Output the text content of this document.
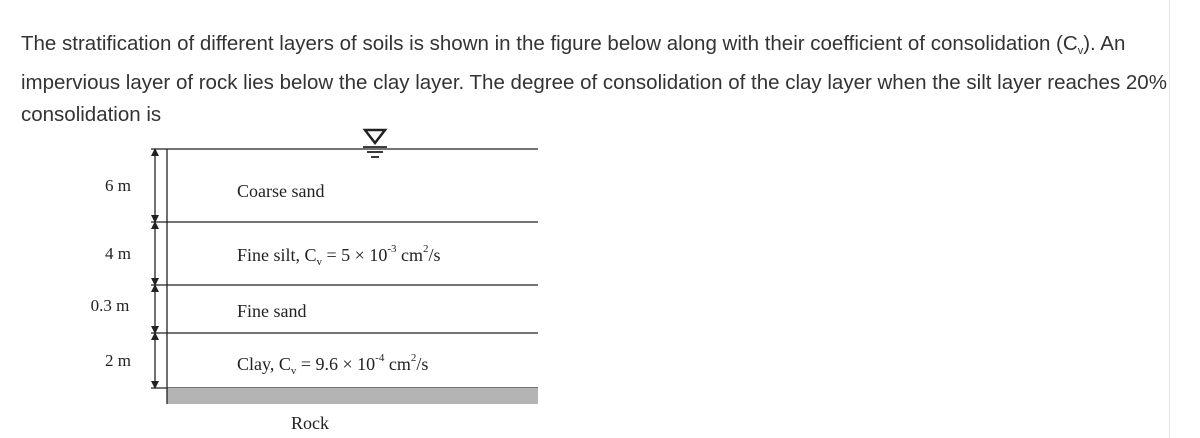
The stratification of different layers of soils is shown in the figure below along with their coefficient of consolidation $(C_v)$. An impervious layer of rock lies below the clay layer. The degree of consolidation of the clay layer when the silt layer reaches 20% consolidation is
6 m
4 m
0.3 m
2 m
Coarse sand
Fine silt, $C_v = 5 \times 10^{-3}$ $cm^2/s$
Fine sand
Clay, $C_v = 9.6 \times 10^{-4}$ $cm^2/s$
Rock
